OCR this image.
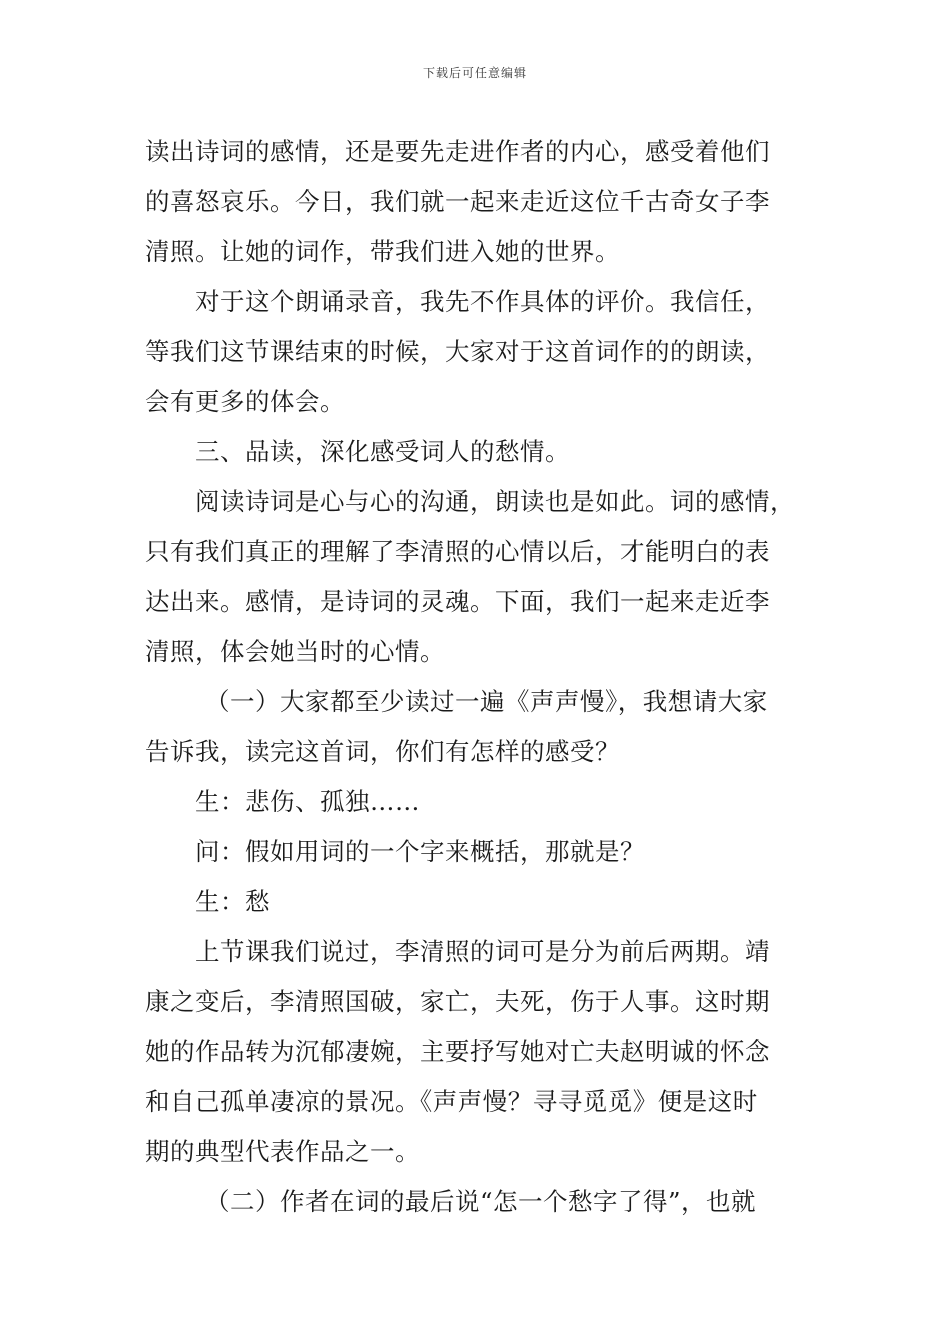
下载后可任意编辑
读出诗词的感情，还是要先走进作者的内心，感受着他们
的喜怒哀乐。今日，我们就一起来走近这位千古奇女子李
清照。让她的词作，带我们进入她的世界。
对于这个朗诵录音，我先不作具体的评价。我信任，
等我们这节课结束的时候，大家对于这首词作的的朗读，
会有更多的体会。
三、品读，深化感受词人的愁情。
阅读诗词是心与心的沟通，朗读也是如此。词的感情，
只有我们真正的理解了李清照的心情以后，才能明白的表
达出来。感情，是诗词的灵魂。下面，我们一起来走近李
清照，体会她当时的心情。
（一）大家都至少读过一遍《声声慢》，我想请大家
告诉我，读完这首词，你们有怎样的感受？
生：悲伤、孤独……
问：假如用词的一个字来概括，那就是？
生：愁
上节课我们说过，李清照的词可是分为前后两期。靖
康之变后，李清照国破，家亡，夫死，伤于人事。这时期
她的作品转为沉郁凄婉，主要抒写她对亡夫赵明诚的怀念
和自己孤单凄凉的景况。《声声慢？寻寻觅觅》便是这时
期的典型代表作品之一。
（二）作者在词的最后说“怎一个愁字了得”，也就
